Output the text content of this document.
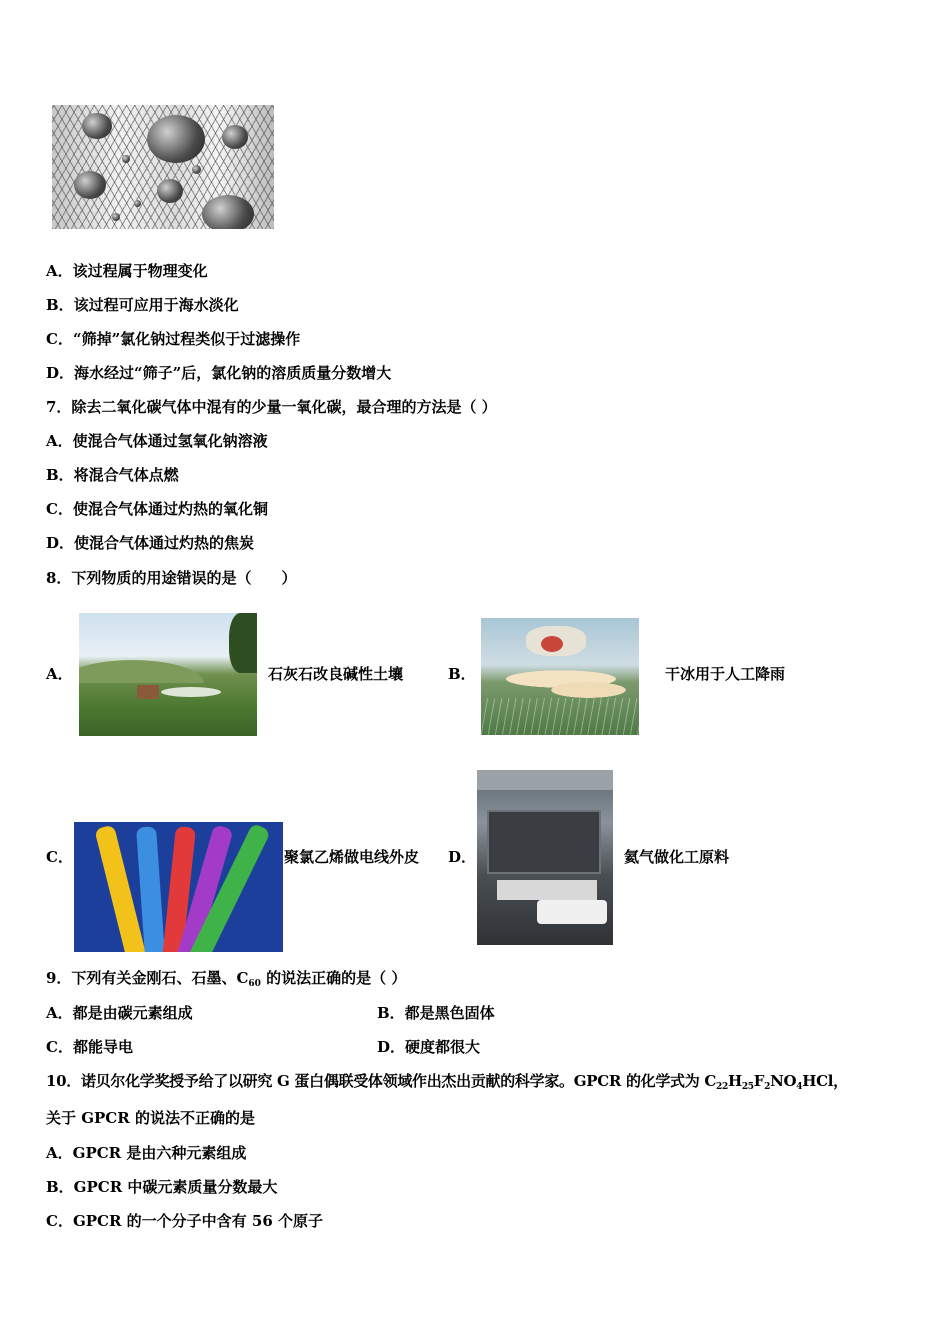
A．该过程属于物理变化
B．该过程可应用于海水淡化
C．“筛掉”氯化钠过程类似于过滤操作
D．海水经过“筛子”后，氯化钠的溶质质量分数增大
7．除去二氧化碳气体中混有的少量一氧化碳，最合理的方法是（ ）
A．使混合气体通过氢氧化钠溶液
B．将混合气体点燃
C．使混合气体通过灼热的氧化铜
D．使混合气体通过灼热的焦炭
8．下列物质的用途错误的是（　　）
A．	石灰石改良碱性土壤	B．	干冰用于人工降雨
C．	聚氯乙烯做电线外皮 D．	氦气做化工原料
9．下列有关金刚石、石墨、$C_{60}$ 的说法正确的是（ ）
A．都是由碳元素组成	B．都是黑色固体
C．都能导电	D．硬度都很大
10．诺贝尔化学奖授予给了以研究 G 蛋白偶联受体领域作出杰出贡献的科学家。GPCR 的化学式为 $C_{22}H_{25}F_2NO_4HCl$，
关于 GPCR 的说法不正确的是
A．GPCR 是由六种元素组成
B．GPCR 中碳元素质量分数最大
C．GPCR 的一个分子中含有 56 个原子
